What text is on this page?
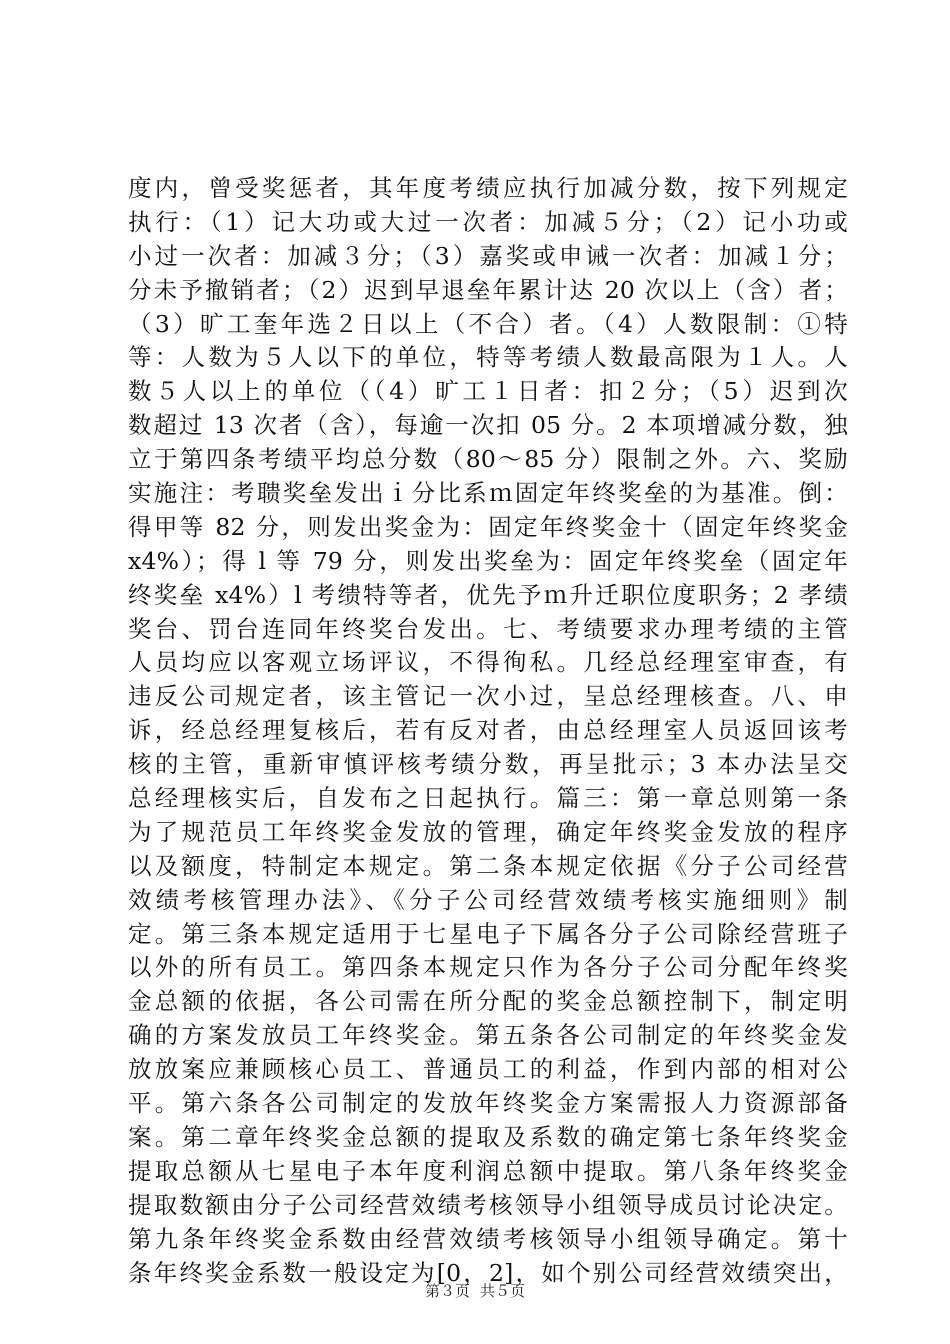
度内，曾受奖惩者，其年度考绩应执行加减分数，按下列规定
执行：（1）记大功或大过一次者：加减５分；（2）记小功或
小过一次者：加减３分；（3）嘉奖或申诫一次者：加减１分；
分未予撤销者；（2）迟到早退垒年累计达 20 次以上（含）者；
（3）旷工奎年选２日以上（不合）者。（4）人数限制：①特
等：人数为５人以下的单位，特等考绩人数最高限为１人。人
数５人以上的单位（（4）旷工１日者：扣２分；（5）迟到次
数超过 13 次者（含），每逾一次扣 05 分。2 本项增减分数，独
立于第四条考绩平均总分数（80～85 分）限制之外。六、奖励
实施注：考聩奖垒发出ｉ分比系ｍ固定年终奖垒的为基准。倒：
得甲等 82 分，则发出奖金为：固定年终奖金十（固定年终奖金
x4%）；得 l 等 79 分，则发出奖垒为：固定年终奖垒（固定年
终奖垒 x4%）l 考缋特等者，优先予ｍ升迁职位度职务；2 孝绩
奖台、罚台连同年终奖台发出。七、考绩要求办理考绩的主管
人员均应以客观立场评议，不得徇私。几经总经理室审查，有
违反公司规定者，该主管记一次小过，呈总经理核查。八、申
诉，经总经理复核后，若有反对者，由总经理室人员返回该考
核的主管，重新审慎评核考绩分数，再呈批示；3 本办法呈交
总经理核实后，自发布之日起执行。篇三：第一章总则第一条
为了规范员工年终奖金发放的管理，确定年终奖金发放的程序
以及额度，特制定本规定。第二条本规定依据《分子公司经营
效绩考核管理办法》、《分子公司经营效绩考核实施细则》制
定。第三条本规定适用于七星电子下属各分子公司除经营班子
以外的所有员工。第四条本规定只作为各分子公司分配年终奖
金总额的依据，各公司需在所分配的奖金总额控制下，制定明
确的方案发放员工年终奖金。第五条各公司制定的年终奖金发
放放案应兼顾核心员工、普通员工的利益，作到内部的相对公
平。第六条各公司制定的发放年终奖金方案需报人力资源部备
案。第二章年终奖金总额的提取及系数的确定第七条年终奖金
提取总额从七星电子本年度利润总额中提取。第八条年终奖金
提取数额由分子公司经营效绩考核领导小组领导成员讨论决定。
第九条年终奖金系数由经营效绩考核领导小组领导确定。第十
条年终奖金系数一般设定为[0，2]，如个别公司经营效绩突出，
第３页 共５页
